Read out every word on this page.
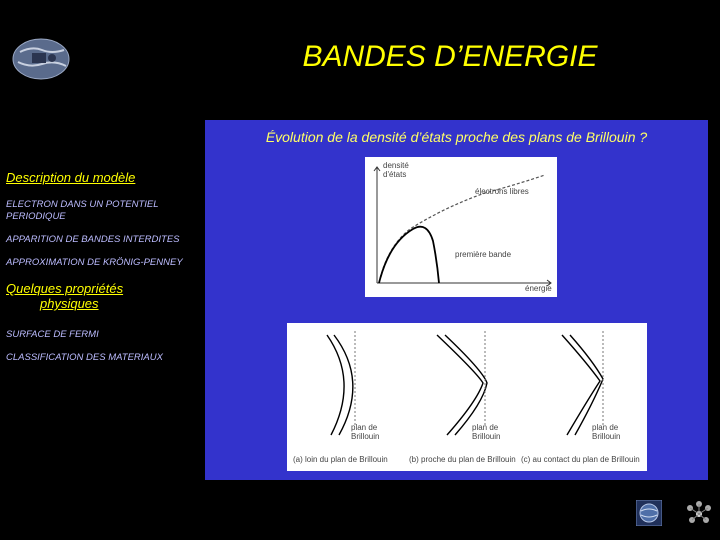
BANDES D’ENERGIE
Description du modèle
ELECTRON DANS UN POTENTIEL PERIODIQUE
APPARITION DE BANDES INTERDITES
APPROXIMATION DE KRÖNIG-PENNEY
Quelques propriétés
physiques
SURFACE DE FERMI
CLASSIFICATION DES MATERIAUX
Évolution de la densité d’états proche des plans de Brillouin ?
densité
d'états
électrons libres
première bande
énergie
plan de
Brillouin
plan de
Brillouin
plan de
Brillouin
(a) loin du plan de Brillouin	(b) proche du plan de Brillouin (c) au contact du plan de Brillouin
